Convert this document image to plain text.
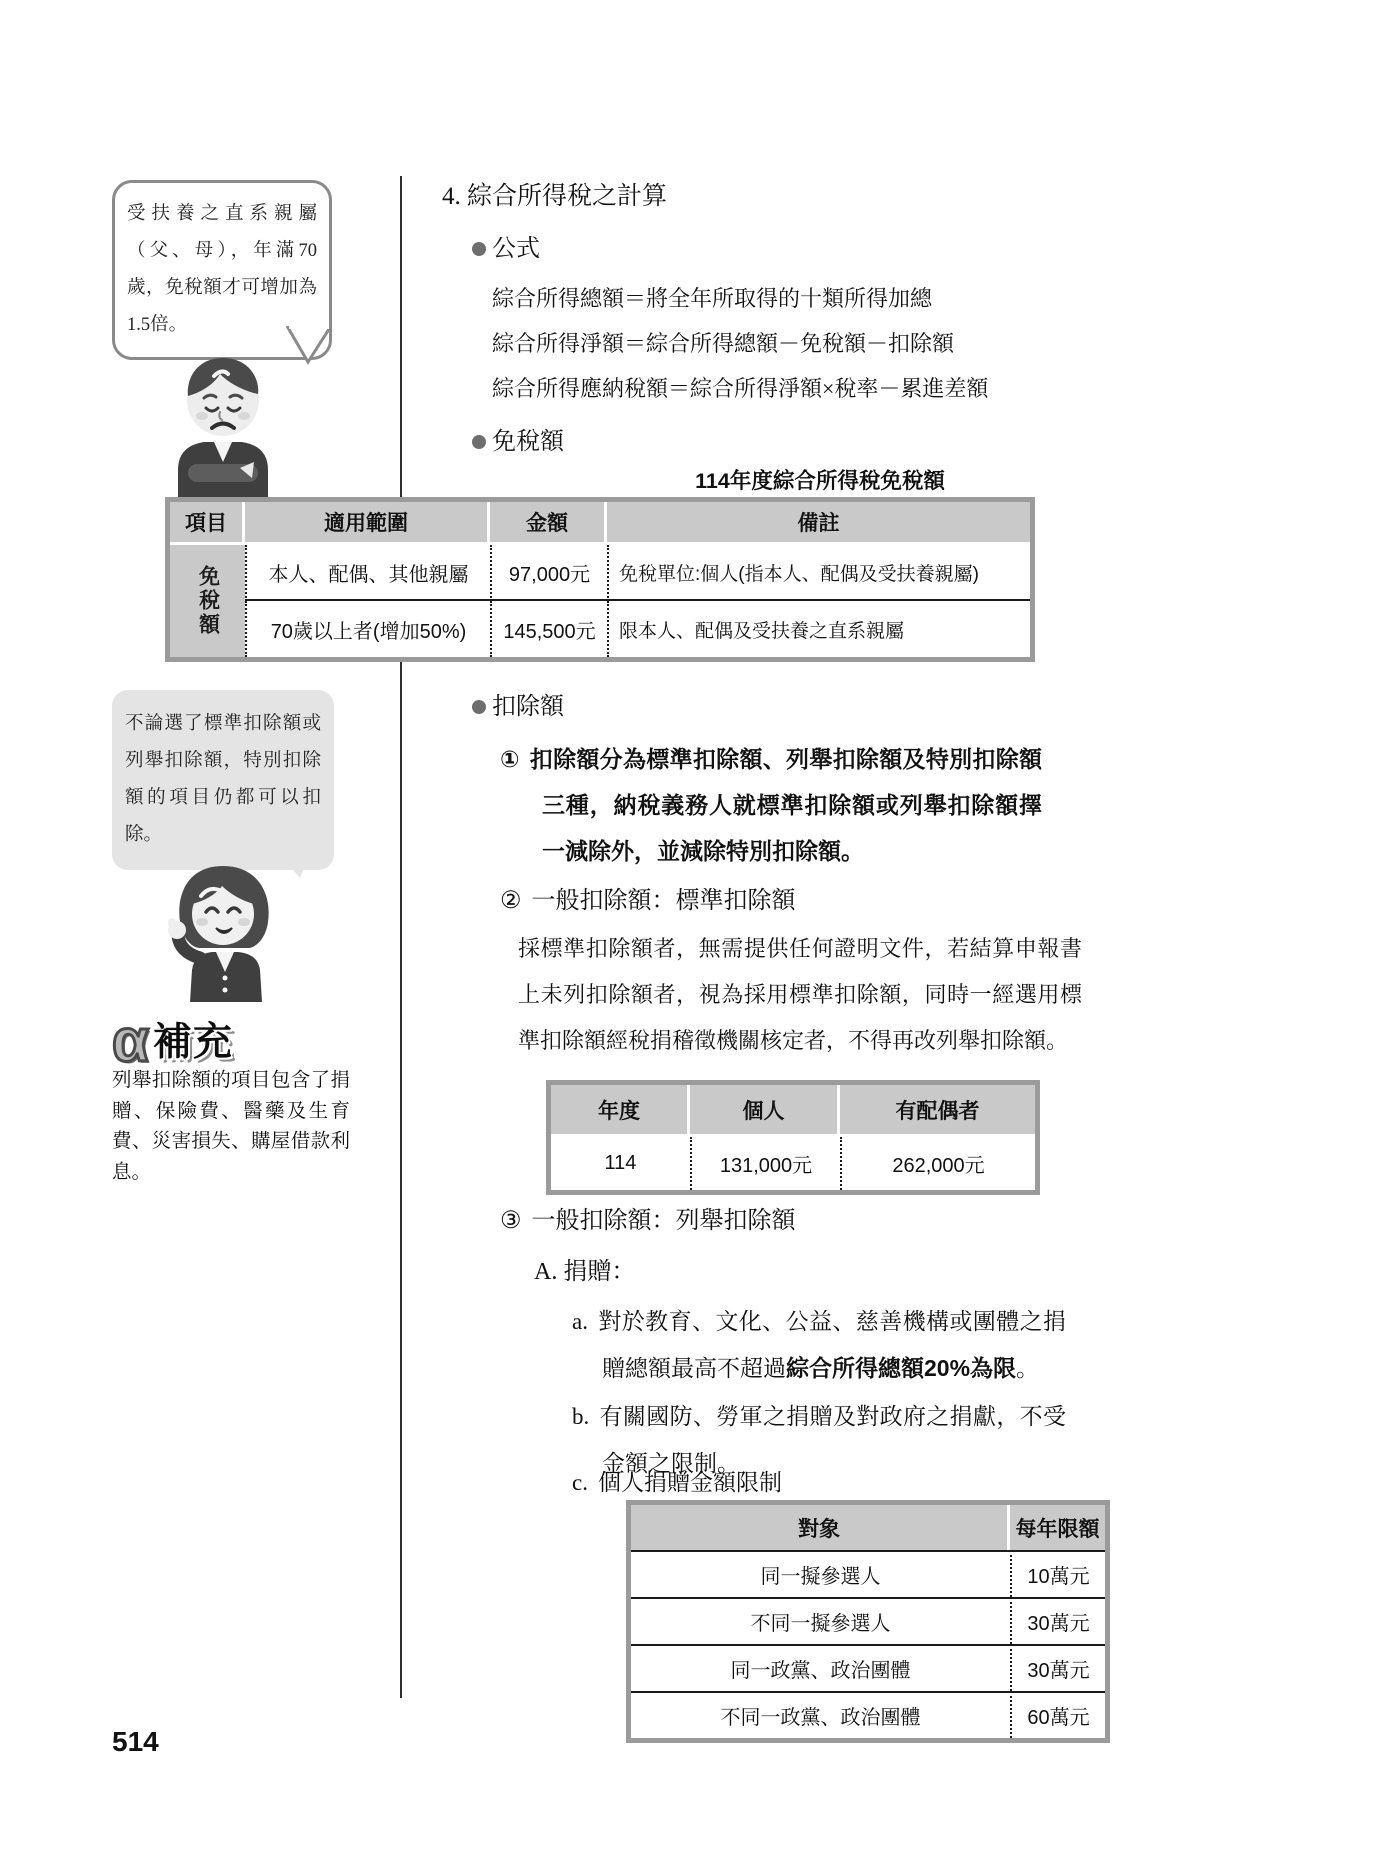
受扶養之直系親屬（父、母），年滿70歲，免稅額才可增加為1.5倍。
不論選了標準扣除額或列舉扣除額，特別扣除額的項目仍都可以扣除。
α補充
列舉扣除額的項目包含了捐贈、保險費、醫藥及生育費、災害損失、購屋借款利息。
514
4. 綜合所得稅之計算
公式
綜合所得總額＝將全年所取得的十類所得加總
綜合所得淨額＝綜合所得總額－免稅額－扣除額
綜合所得應納稅額＝綜合所得淨額×稅率－累進差額
免稅額
114年度綜合所得稅免稅額
項目	適用範圍	金額	備註
免稅額	本人、配偶、其他親屬	97,000元	免稅單位:個人(指本人、配偶及受扶養親屬)
70歲以上者(增加50%)	145,500元	限本人、配偶及受扶養之直系親屬
扣除額
① 扣除額分為標準扣除額、列舉扣除額及特別扣除額三種，納稅義務人就標準扣除額或列舉扣除額擇一減除外，並減除特別扣除額。
② 一般扣除額：標準扣除額
採標準扣除額者，無需提供任何證明文件，若結算申報書上未列扣除額者，視為採用標準扣除額，同時一經選用標準扣除額經稅捐稽徵機關核定者，不得再改列舉扣除額。
年度	個人	有配偶者
114	131,000元	262,000元
③ 一般扣除額：列舉扣除額
A. 捐贈：
a. 對於教育、文化、公益、慈善機構或團體之捐贈總額最高不超過綜合所得總額20%為限。
b. 有關國防、勞軍之捐贈及對政府之捐獻，不受金額之限制。
c. 個人捐贈金額限制
對象	每年限額
同一擬參選人	10萬元
不同一擬參選人	30萬元
同一政黨、政治團體	30萬元
不同一政黨、政治團體	60萬元
